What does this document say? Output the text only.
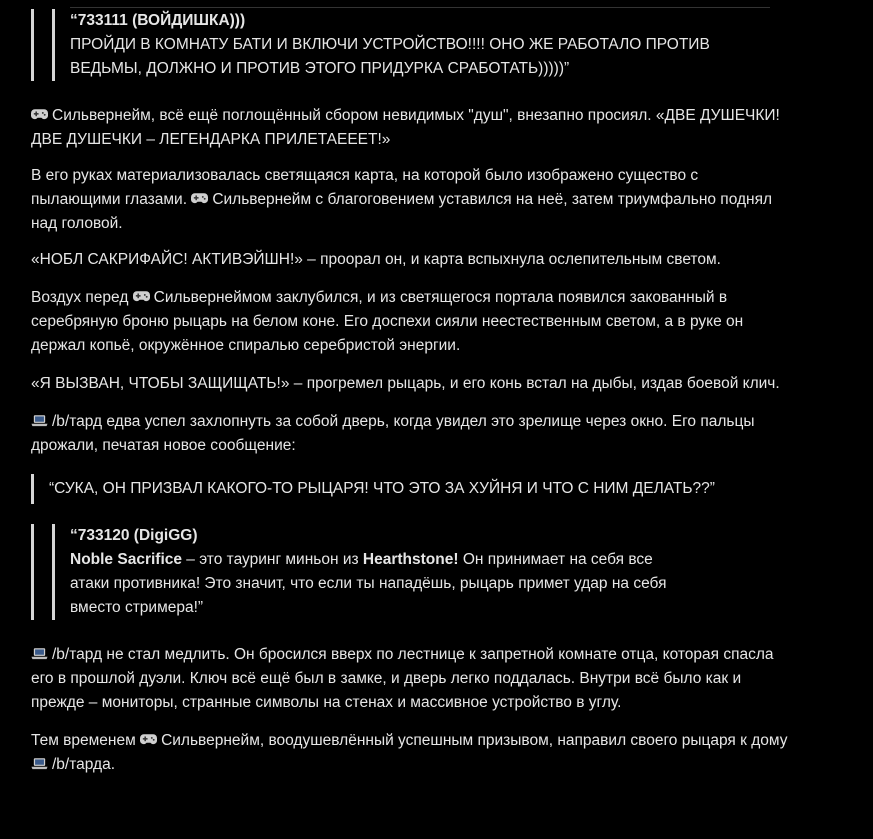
“733111 (ВОЙДИШКА)))
ПРОЙДИ В КОМНАТУ БАТИ И ВКЛЮЧИ УСТРОЙСТВО!!!! ОНО ЖЕ РАБОТАЛО ПРОТИВ
ВЕДЬМЫ, ДОЛЖНО И ПРОТИВ ЭТОГО ПРИДУРКА СРАБОТАТЬ)))))”

Сильвернейм, всё ещё поглощённый сбором невидимых "душ", внезапно просиял. «ДВЕ ДУШЕЧКИ! ДВЕ ДУШЕЧКИ – ЛЕГЕНДАРКА ПРИЛЕТАЕЕЕТ!»

В его руках материализовалась светящаяся карта, на которой было изображено существо с пылающими глазами. Сильвернейм с благоговением уставился на неё, затем триумфально поднял над головой.

«НОБЛ САКРИФАЙС! АКТИВЭЙШН!» – проорал он, и карта вспыхнула ослепительным светом.

Воздух перед Сильвернеймом заклубился, и из светящегося портала появился закованный в серебряную броню рыцарь на белом коне. Его доспехи сияли неестественным светом, а в руке он держал копьё, окружённое спиралью серебристой энергии.

«Я ВЫЗВАН, ЧТОБЫ ЗАЩИЩАТЬ!» – прогремел рыцарь, и его конь встал на дыбы, издав боевой клич.

/b/тард едва успел захлопнуть за собой дверь, когда увидел это зрелище через окно. Его пальцы дрожали, печатая новое сообщение:

“СУКА, ОН ПРИЗВАЛ КАКОГО-ТО РЫЦАРЯ! ЧТО ЭТО ЗА ХУЙНЯ И ЧТО С НИМ ДЕЛАТЬ??”
“733120 (DigiGG)
Noble Sacrifice – это тауринг миньон из Hearthstone! Он принимает на себя все
атаки противника! Это значит, что если ты нападёшь, рыцарь примет удар на себя
вместо стримера!”

/b/тард не стал медлить. Он бросился вверх по лестнице к запретной комнате отца, которая спасла его в прошлой дуэли. Ключ всё ещё был в замке, и дверь легко поддалась. Внутри всё было как и прежде – мониторы, странные символы на стенах и массивное устройство в углу.

Тем временем Сильвернейм, воодушевлённый успешным призывом, направил своего рыцаря к дому /b/тарда.
